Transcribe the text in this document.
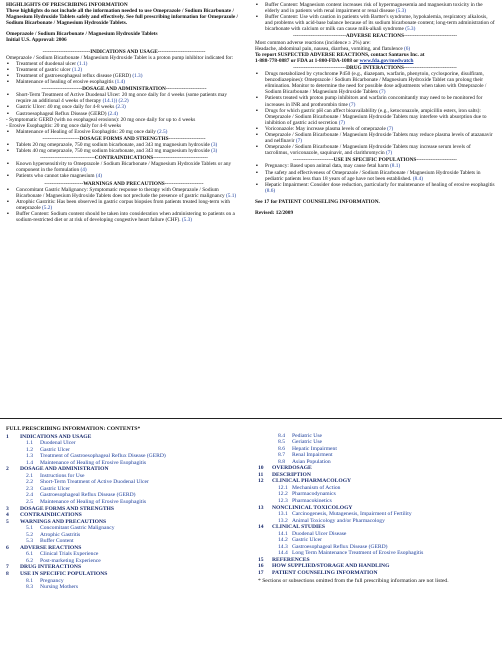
HIGHLIGHTS OF PRESCRIBING INFORMATION
These highlights do not include all the information needed to use Omeprazole / Sodium Bicarbonate / Magnesium Hydroxide Tablets safely and effectively. See full prescribing information for Omeprazole / Sodium Bicarbonate / Magnesium Hydroxide Tablets.
Omeprazole / Sodium Bicarbonate / Magnesium Hydroxide Tablets
Initial U.S. Approval: 2006
---------------------------INDICATIONS AND USAGE---------------------------
Omeprazole / Sodium Bicarbonate / Magnesium Hydroxide Tablet is a proton pump inhibitor indicated for:
▪ Treatment of duodenal ulcer (1.1)
▪ Treatment of gastric ulcer (1.2)
▪ Treatment of gastroesophageal reflux disease (GERD) (1.3)
▪ Maintenance of healing of erosive esophagitis (1.4)
-----------------------DOSAGE AND ADMINISTRATION-----------------------
▪ Short-Term Treatment of Active Duodenal Ulcer: 20 mg once daily for 4 weeks (some patients may require an additional 4 weeks of therapy (14.1)) (2.2)
▪ Gastric Ulcer: 40 mg once daily for 4-8 weeks (2.3)
▪ Gastroesophageal Reflux Disease (GERD) (2.4)
- Symptomatic GERD (with no esophageal erosions): 20 mg once daily for up to 4 weeks
- Erosive Esophagitis: 20 mg once daily for 4-8 weeks
▪ Maintenance of Healing of Erosive Esophagitis: 20 mg once daily (2.5)
---------------------DOSAGE FORMS AND STRENGTHS---------------------
▪ Tablets 20 mg omeprazole, 750 mg sodium bicarbonate, and 343 mg magnesium hydroxide (3)
▪ Tablets 40 mg omeprazole, 750 mg sodium bicarbonate, and 343 mg magnesium hydroxide (3)
-------------------------------CONTRAINDICATIONS-------------------------------
▪ Known hypersensitivity to Omeprazole / Sodium Bicarbonate / Magnesium Hydroxide Tablets or any component in the formulation (4)
▪ Patients who cannot take magnesium (4)
----------------------WARNINGS AND PRECAUTIONS----------------------
▪ Concomitant Gastric Malignancy: Symptomatic response to therapy with Omeprazole / Sodium Bicarbonate / Magnesium Hydroxide Tablets does not preclude the presence of gastric malignancy (5.1)
▪ Atrophic Gastritis: Has been observed in gastric corpus biopsies from patients treated long-term with omeprazole (5.2)
▪ Buffer Content: Sodium content should be taken into consideration when administering to patients on a sodium-restricted diet or at risk of developing congestive heart failure (CHF). (5.3)
▪ Buffer Content: Magnesium content increases risk of hypermagnesemia and magnesium toxicity in the elderly and in patients with renal impairment or renal disease (5.3)
▪ Buffer Content: Use with caution in patients with Bartter's syndrome, hypokalemia, respiratory alkalosis, and problems with acid-base balance because of its sodium bicarbonate content; long-term administration of bicarbonate with calcium or milk can cause milk-alkali syndrome (5.3)
------------------------------ADVERSE REACTIONS------------------------------
Most common adverse reactions (incidence ≥ 2%) are:
Headache, abdominal pain, nausea, diarrhea, vomiting, and flatulence (6)
To report SUSPECTED ADVERSE REACTIONS, contact Santarus Inc. at
1-888-778-0887 or FDA at 1-800-FDA-1088 or www.fda.gov/medwatch
------------------------------DRUG INTERACTIONS------------------------------
▪ Drugs metabolized by cytochrome P450 (e.g., diazepam, warfarin, phenytoin, cyclosporine, disulfiram, benzodiazepines): Omeprazole / Sodium Bicarbonate / Magnesium Hydroxide Tablet can prolong their elimination. Monitor to determine the need for possible dose adjustments when taken with Omeprazole / Sodium Bicarbonate / Magnesium Hydroxide Tablets (7)
▪ Patients treated with proton pump inhibitors and warfarin concomitantly may need to be monitored for increases in INR and prothrombin time (7)
▪ Drugs for which gastric pH can affect bioavailability (e.g., ketoconazole, ampicillin esters, iron salts): Omeprazole / Sodium Bicarbonate / Magnesium Hydroxide Tablets may interfere with absorption due to inhibition of gastric acid secretion (7)
▪ Voriconazole: May increase plasma levels of omeprazole (7)
▪ Omeprazole / Sodium Bicarbonate / Magnesium Hydroxide Tablets may reduce plasma levels of atazanavir and nelfinavir (7)
▪ Omeprazole / Sodium Bicarbonate / Magnesium Hydroxide Tablets may increase serum levels of tacrolimus, voriconazole, saquinavir, and clarithromycin (7)
-----------------------USE IN SPECIFIC POPULATIONS-----------------------
▪ Pregnancy: Based upon animal data, may cause fetal harm (8.1)
▪ The safety and effectiveness of Omeprazole / Sodium Bicarbonate / Magnesium Hydroxide Tablets in pediatric patients less than 18 years of age have not been established. (8.4)
▪ Hepatic Impairment: Consider dose reduction, particularly for maintenance of healing of erosive esophagitis (8.6)
See 17 for PATIENT COUNSELING INFORMATION.
Revised: 12/2009
FULL PRESCRIBING INFORMATION: CONTENTS*
1 INDICATIONS AND USAGE
1.1 Duodenal Ulcer
1.2 Gastric Ulcer
1.3 Treatment of Gastroesophageal Reflux Disease (GERD)
1.4 Maintenance of Healing of Erosive Esophagitis
2 DOSAGE AND ADMINISTRATION
2.1 Instructions for Use
2.2 Short-Term Treatment of Active Duodenal Ulcer
2.3 Gastric Ulcer
2.4 Gastroesophageal Reflux Disease (GERD)
2.5 Maintenance of Healing of Erosive Esophagitis
3 DOSAGE FORMS AND STRENGTHS
4 CONTRAINDICATIONS
5 WARNINGS AND PRECAUTIONS
5.1 Concomitant Gastric Malignancy
5.2 Atrophic Gastritis
5.3 Buffer Content
6 ADVERSE REACTIONS
6.1 Clinical Trials Experience
6.2 Post-marketing Experience
7 DRUG INTERACTIONS
8 USE IN SPECIFIC POPULATIONS
8.1 Pregnancy
8.3 Nursing Mothers
8.4 Pediatric Use
8.5 Geriatric Use
8.6 Hepatic Impairment
8.7 Renal Impairment
8.8 Asian Population
10 OVERDOSAGE
11 DESCRIPTION
12 CLINICAL PHARMACOLOGY
12.1 Mechanism of Action
12.2 Pharmacodynamics
12.3 Pharmacokinetics
13 NONCLINICAL TOXICOLOGY
13.1 Carcinogenesis, Mutagenesis, Impairment of Fertility
13.2 Animal Toxicology and/or Pharmacology
14 CLINICAL STUDIES
14.1 Duodenal Ulcer Disease
14.2 Gastric Ulcer
14.3 Gastroesophageal Reflux Disease (GERD)
14.4 Long Term Maintenance Treatment of Erosive Esophagitis
15 REFERENCES
16 HOW SUPPLIED/STORAGE AND HANDLING
17 PATIENT COUNSELING INFORMATION
* Sections or subsections omitted from the full prescribing information are not listed.
